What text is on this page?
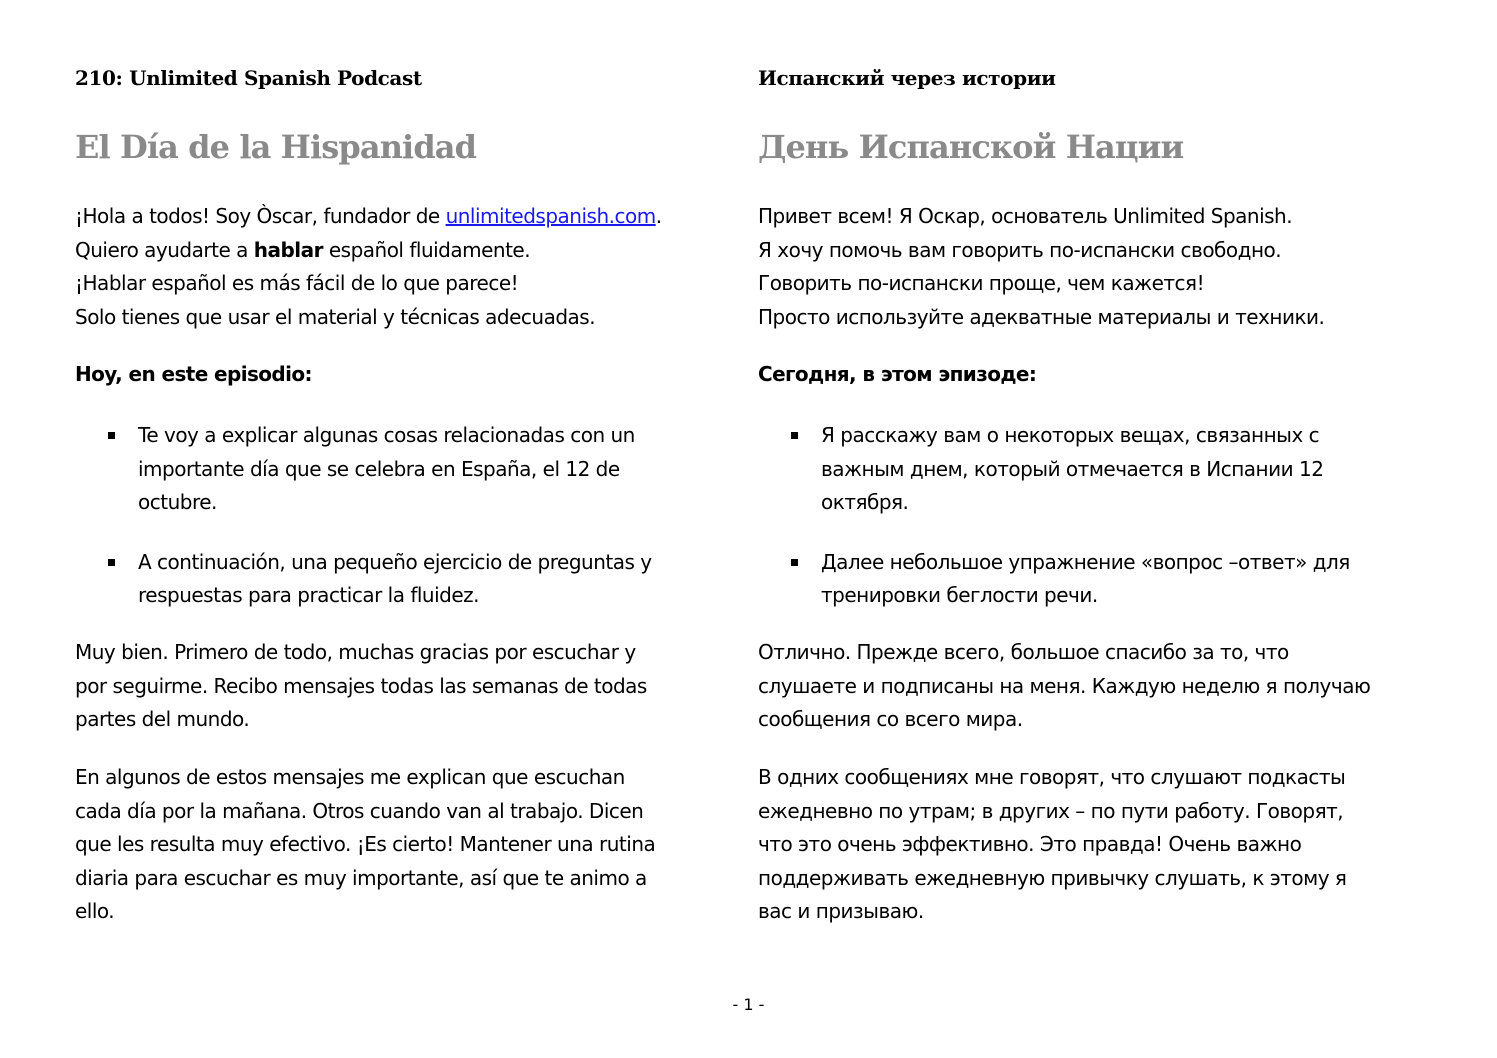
210: Unlimited Spanish Podcast
El Día de la Hispanidad
¡Hola a todos! Soy Òscar, fundador de unlimitedspanish.com.
Quiero ayudarte a hablar español fluidamente.
¡Hablar español es más fácil de lo que parece!
Solo tienes que usar el material y técnicas adecuadas.
Hoy, en este episodio:
Te voy a explicar algunas cosas relacionadas con un
importante día que se celebra en España, el 12 de
octubre.
A continuación, una pequeño ejercicio de preguntas y
respuestas para practicar la fluidez.
Muy bien. Primero de todo, muchas gracias por escuchar y
por seguirme. Recibo mensajes todas las semanas de todas
partes del mundo.
En algunos de estos mensajes me explican que escuchan
cada día por la mañana. Otros cuando van al trabajo. Dicen
que les resulta muy efectivo. ¡Es cierto! Mantener una rutina
diaria para escuchar es muy importante, así que te animo a
ello.
Испанский через истории
День Испанской Нации
Привет всем! Я Оскар, основатель Unlimited Spanish.
Я хочу помочь вам говорить по-испански свободно.
Говорить по-испански проще, чем кажется!
Просто используйте адекватные материалы и техники.
Сегодня, в этом эпизоде:
Я расскажу вам о некоторых вещах, связанных с
важным днем, который отмечается в Испании 12
октября.
Далее небольшое упражнение «вопрос –ответ» для
тренировки беглости речи.
Отлично. Прежде всего, большое спасибо за то, что
слушаете и подписаны на меня. Каждую неделю я получаю
сообщения со всего мира.
В одних сообщениях мне говорят, что слушают подкасты
ежедневно по утрам; в других – по пути работу. Говорят,
что это очень эффективно. Это правда! Очень важно
поддерживать ежедневную привычку слушать, к этому я
вас и призываю.
- 1 -
